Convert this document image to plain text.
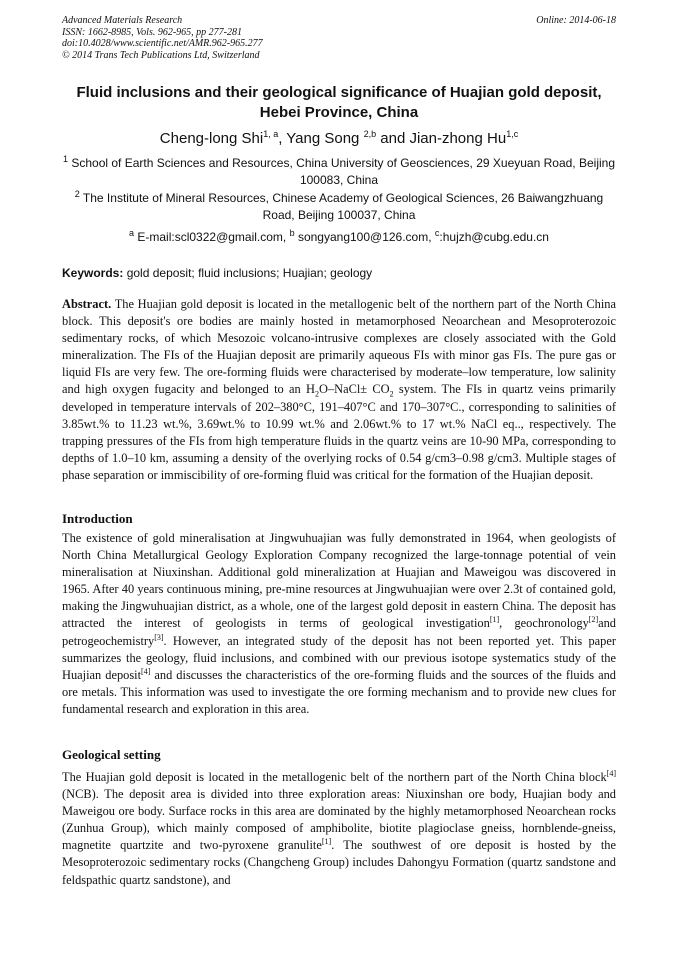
Advanced Materials Research
ISSN: 1662-8985, Vols. 962-965, pp 277-281
doi:10.4028/www.scientific.net/AMR.962-965.277
© 2014 Trans Tech Publications Ltd, Switzerland
Online: 2014-06-18
Fluid inclusions and their geological significance of Huajian gold deposit, Hebei Province, China
Cheng-long Shi$^{1, a}$, Yang Song $^{2,b}$ and Jian-zhong Hu$^{1,c}$
$^1$ School of Earth Sciences and Resources, China University of Geosciences, 29 Xueyuan Road, Beijing 100083, China
$^2$ The Institute of Mineral Resources, Chinese Academy of Geological Sciences, 26 Baiwangzhuang Road, Beijing 100037, China
$^a$ E-mail:scl0322@gmail.com, $^b$ songyang100@126.com, $^c$:hujzh@cubg.edu.cn
Keywords: gold deposit; fluid inclusions; Huajian; geology
Abstract. The Huajian gold deposit is located in the metallogenic belt of the northern part of the North China block. This deposit's ore bodies are mainly hosted in metamorphosed Neoarchean and Mesoproterozoic sedimentary rocks, of which Mesozoic volcano-intrusive complexes are closely associated with the Gold mineralization. The FIs of the Huajian deposit are primarily aqueous FIs with minor gas FIs. The pure gas or liquid FIs are very few. The ore-forming fluids were characterised by moderate–low temperature, low salinity and high oxygen fugacity and belonged to an $H_2O-NaCl\pm CO_2$ system. The FIs in quartz veins primarily developed in temperature intervals of 202–380°C, 191–407°C and 170–307°C., corresponding to salinities of 3.85wt.% to 11.23 wt.%, 3.69wt.% to 10.99 wt.% and 2.06wt.% to 17 wt.% NaCl eq.., respectively. The trapping pressures of the FIs from high temperature fluids in the quartz veins are 10-90 MPa, corresponding to depths of 1.0–10 km, assuming a density of the overlying rocks of 0.54 g/cm3–0.98 g/cm3. Multiple stages of phase separation or immiscibility of ore-forming fluid was critical for the formation of the Huajian deposit.
Introduction
The existence of gold mineralisation at Jingwuhuajian was fully demonstrated in 1964, when geologists of North China Metallurgical Geology Exploration Company recognized the large-tonnage potential of vein mineralisation at Niuxinshan. Additional gold mineralization at Huajian and Maweigou was discovered in 1965. After 40 years continuous mining, pre-mine resources at Jingwuhuajian were over 2.3t of contained gold, making the Jingwuhuajian district, as a whole, one of the largest gold deposit in eastern China. The deposit has attracted the interest of geologists in terms of geological investigation[1], geochronology[2]and petrogeochemistry[3]. However, an integrated study of the deposit has not been reported yet. This paper summarizes the geology, fluid inclusions, and combined with our previous isotope systematics study of the Huajian deposit[4] and discusses the characteristics of the ore-forming fluids and the sources of the fluids and ore metals. This information was used to investigate the ore forming mechanism and to provide new clues for fundamental research and exploration in this area.
Geological setting
The Huajian gold deposit is located in the metallogenic belt of the northern part of the North China block[4] (NCB). The deposit area is divided into three exploration areas: Niuxinshan ore body, Huajian body and Maweigou ore body. Surface rocks in this area are dominated by the highly metamorphosed Neoarchean rocks (Zunhua Group), which mainly composed of amphibolite, biotite plagioclase gneiss, hornblende-gneiss, magnetite quartzite and two-pyroxene granulite[1]. The southwest of ore deposit is hosted by the Mesoproterozoic sedimentary rocks (Changcheng Group) includes Dahongyu Formation (quartz sandstone and feldspathic quartz sandstone), and
